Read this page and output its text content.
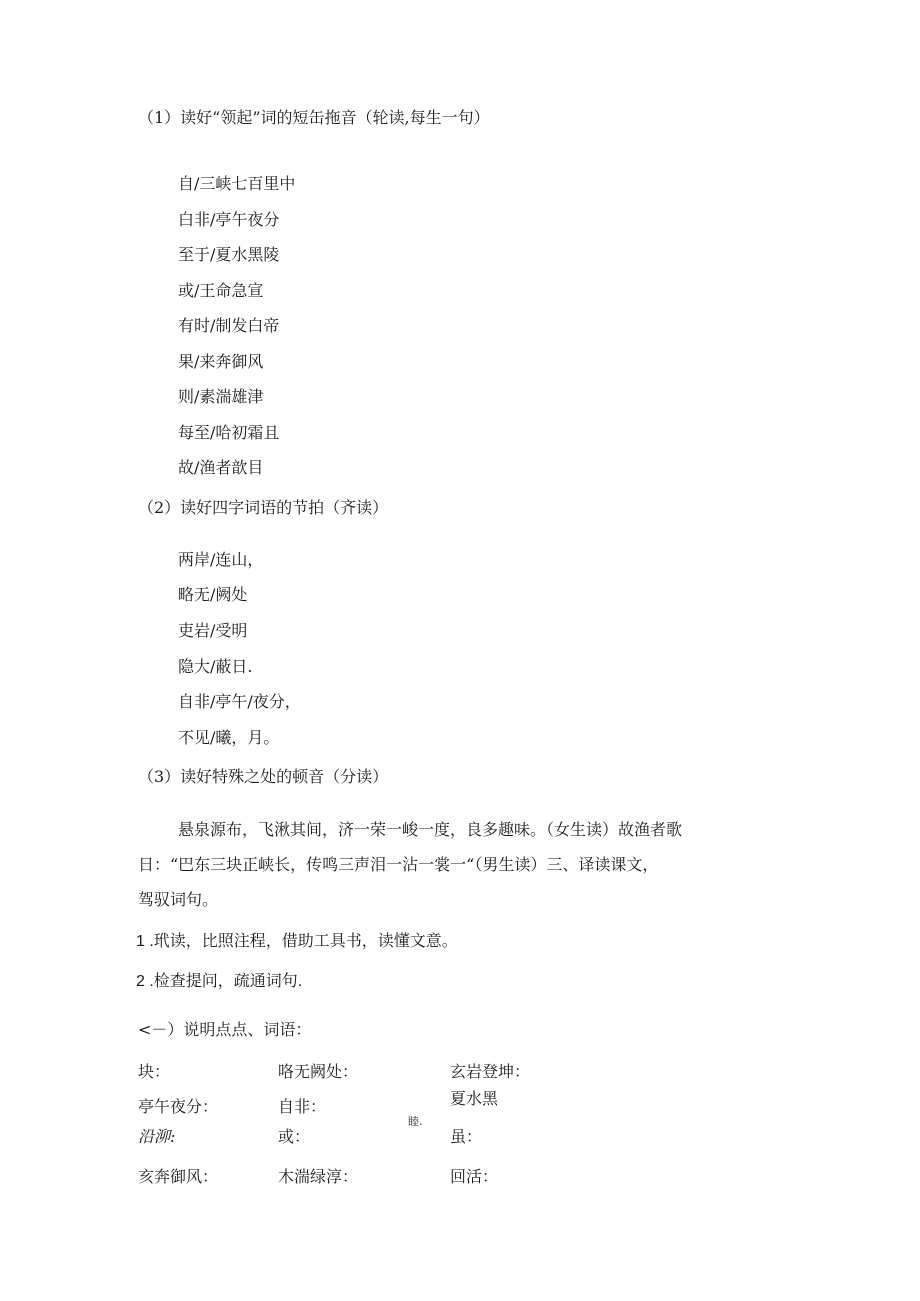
（1）读好“领起”词的短缶拖音（轮读,每生一句）
自/三峡七百里中
白非/亭午夜分
至于/夏水黑陵
或/王命急宣
有时/制发白帝
果/来奔御风
则/素湍雄津
每至/哈初霜且
故/渔者歆目
（2）读好四字词语的节拍（齐读）
两岸/连山，
略无/阙处
吏岩/受明
隐大/蔽日.
自非/亭午/夜分，
不见/曦，月。
（3）读好特殊之处的顿音（分读）
悬泉源布，飞湫其间，济一荣一峻一度，良多趣味。（女生读）故渔者歌
日：“巴东三块正峡长，传鸣三声泪一沾一裳一“（男生读）三、译读课文，
驾驭词句。
1 .玳读，比照注程，借助工具书，读懂文意。
2 .检查提问，疏通词句.
<－）说明点点、词语：
块：	咯无阙处：	玄岩登坤：
亭午夜分：	自非：	夏水黑
睦.
沿泖:	或：	虽：
亥奔御风：	木湍绿淳：	回活：
